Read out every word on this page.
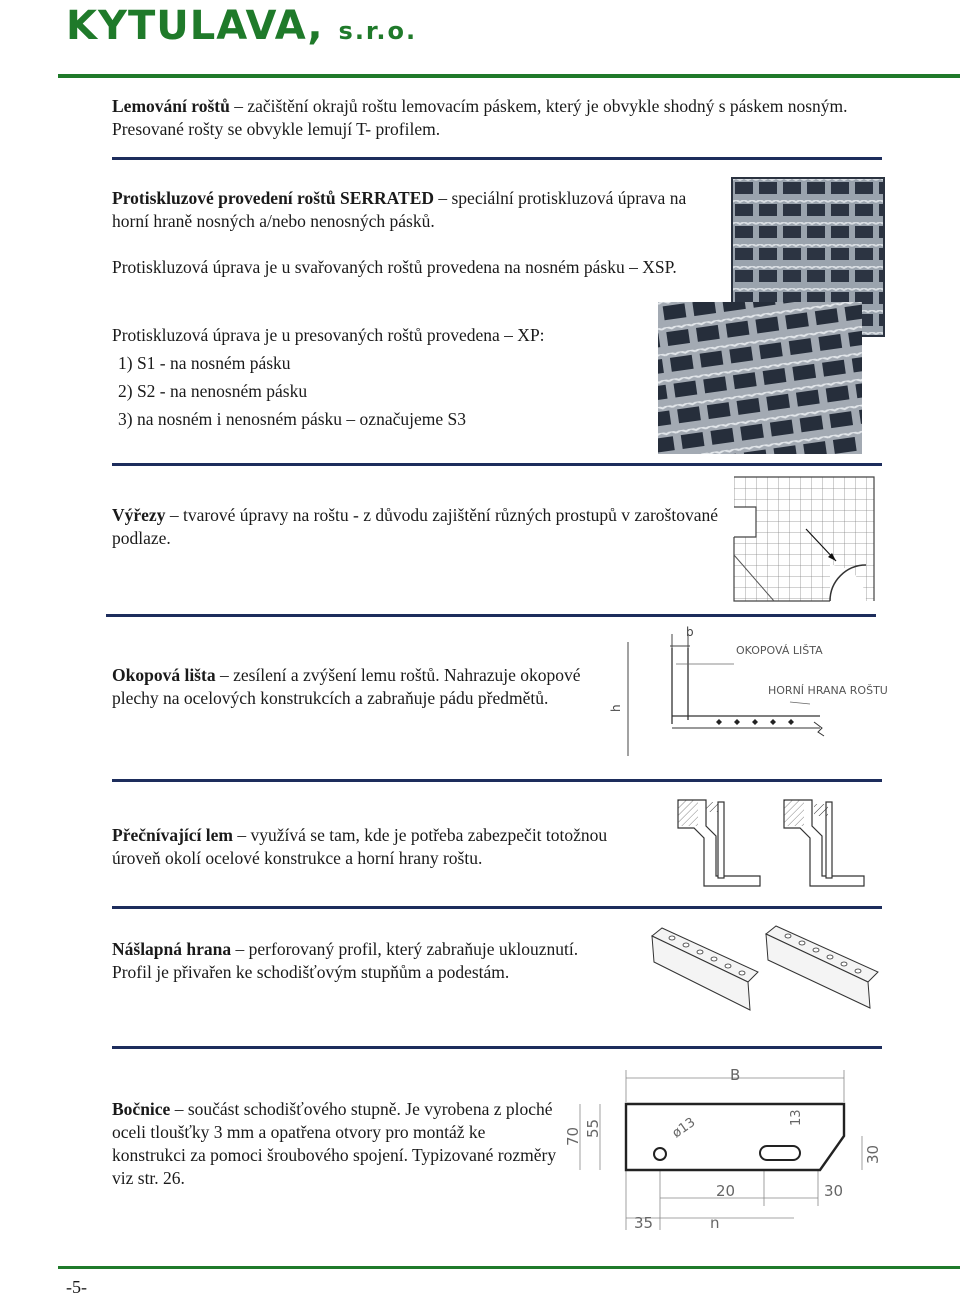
KYTULAVA, s.r.o.

Lemování roštů – začištění okrajů roštu lemovacím páskem, který je obvykle shodný s páskem nosným. Presované rošty se obvykle lemují T- profilem.

Protiskluzové provedení roštů SERRATED – speciální protiskluzová úprava na horní hraně nosných a/nebo nenosných pásků.

Protiskluzová úprava je u svařovaných roštů provedena na nosném pásku – XSP.

Protiskluzová úprava je u presovaných roštů provedena – XP:

1) S1 - na nosném pásku
2) S2 - na nenosném pásku
3) na nosném i nenosném pásku – označujeme S3

Výřezy – tvarové úpravy na roštu - z důvodu zajištění různých prostupů v zaroštované podlaze.

Okopová lišta – zesílení a zvýšení lemu roštů. Nahrazuje okopové plechy na ocelových konstrukcích a zabraňuje pádu předmětů.

b
h
OKOPOVÁ LIŠTA
HORNÍ HRANA ROŠTU

Přečnívající lem – využívá se tam, kde je potřeba zabezpečit totožnou úroveň okolí ocelové konstrukce a horní hrany roštu.

Nášlapná hrana – perforovaný profil, který zabraňuje uklouznutí. Profil je přivařen ke schodišťovým stupňům a podestám.

Bočnice – součást schodišťového stupně. Je vyrobena z ploché oceli tloušťky 3 mm a opatřena otvory pro montáž ke konstrukci za pomoci šroubového spojení. Typizované rozměry viz str. 26.

B
ø13	13
70 55
30
20	30
35	n
-5-
